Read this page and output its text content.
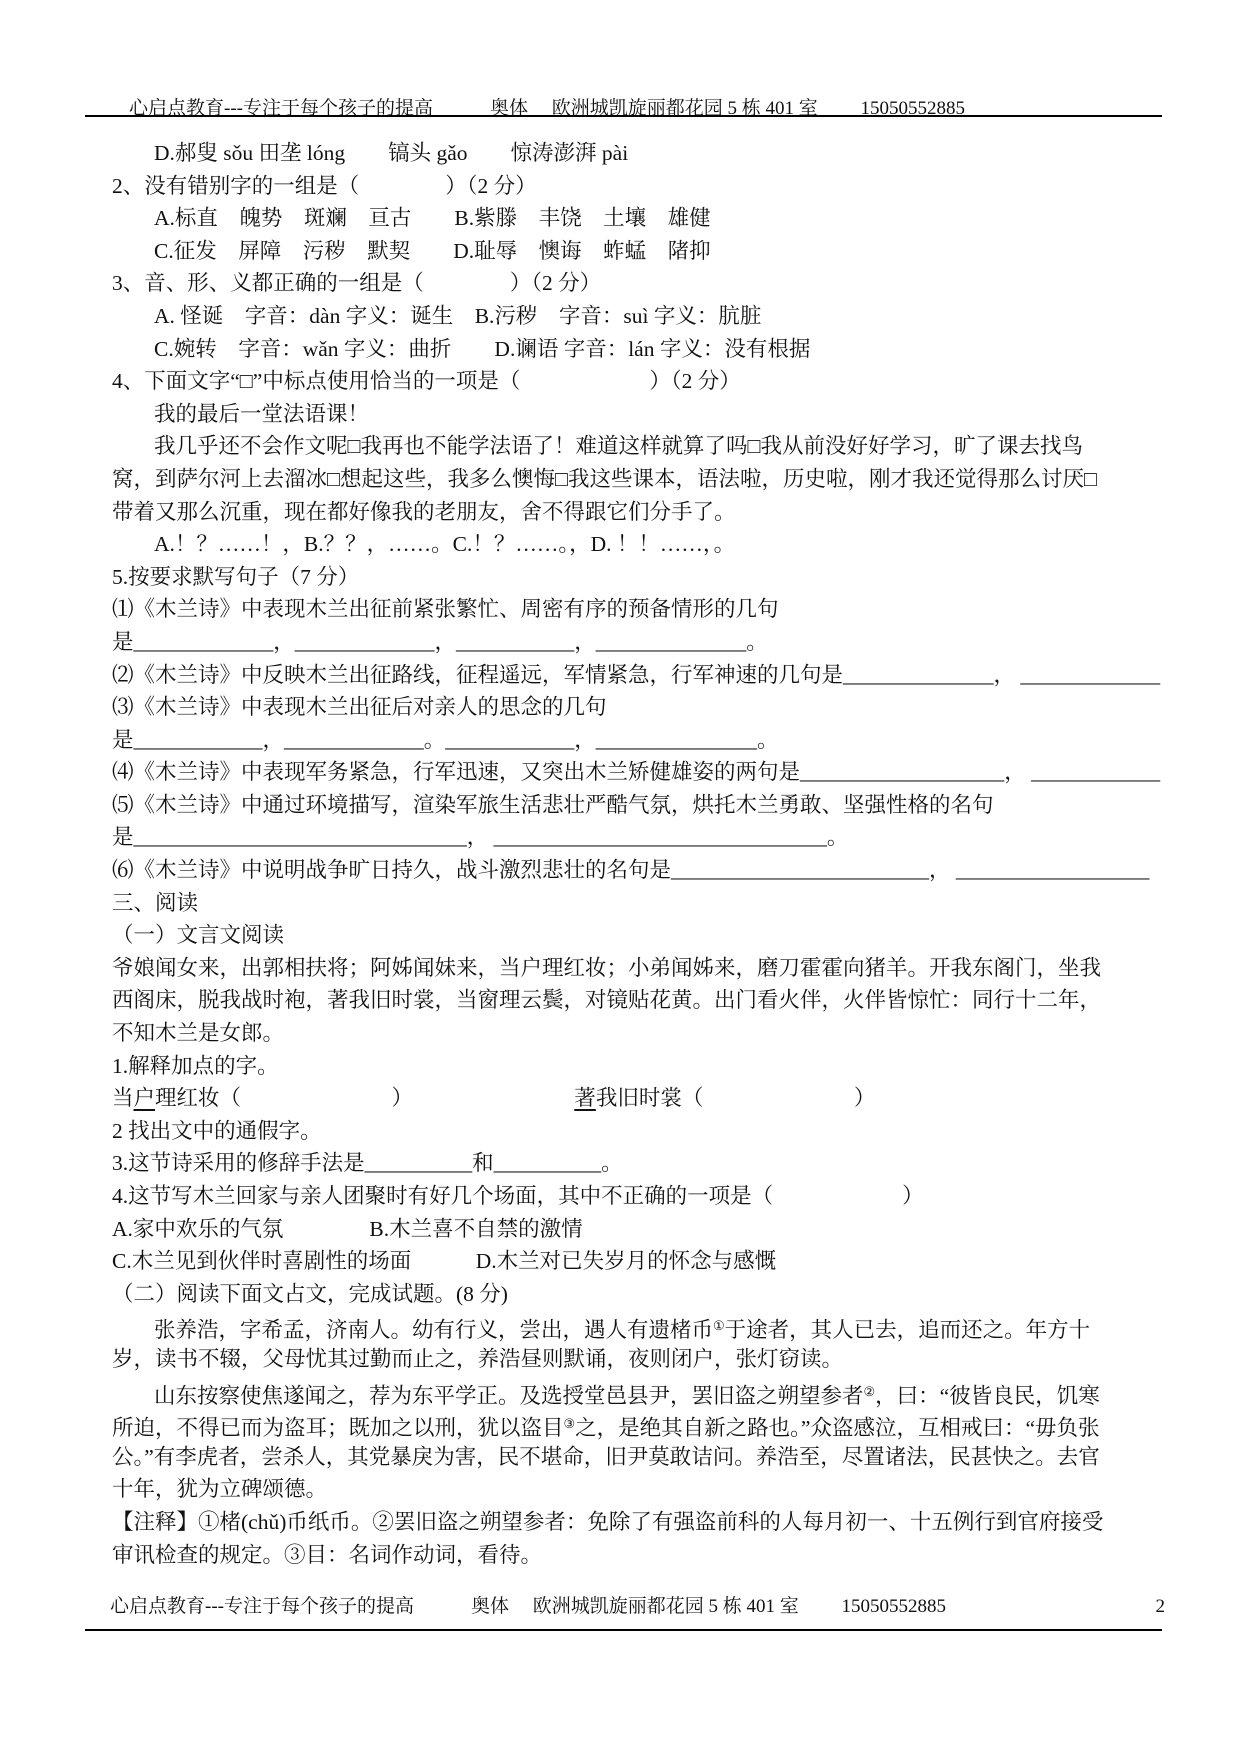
心启点教育---专注于每个孩子的提高　　　奥体　 欧洲城凯旋丽都花园 5 栋 401 室　　 15050552885

D.郝叟 sǒu 田垄 lóng　　镐头 gǎo　　惊涛澎湃 pài
2、没有错别字的一组是（　　　　）（2 分）
A.标直　魄势　斑斓　亘古　　B.紫滕　丰饶　土壤　雄健
C.征发　屏障　污秽　默契　　D.耻辱　懊诲　蚱蜢　陼抑
3、音、形、义都正确的一组是（　　　　）（2 分）
A. 怪诞　字音：dàn 字义：诞生　B.污秽　字音：suì 字义：肮脏
C.婉转　字音：wǎn 字义：曲折　　D.谰语 字音：lán 字义：没有根据
4、下面文字“□”中标点使用恰当的一项是（　　　　　　）（2 分）
我的最后一堂法语课！
我几乎还不会作文呢□我再也不能学法语了！难道这样就算了吗□我从前没好好学习，旷了课去找鸟
窝，到萨尔河上去溜冰□想起这些，我多么懊悔□我这些课本，语法啦，历史啦，刚才我还觉得那么讨厌□
带着又那么沉重，现在都好像我的老朋友，舍不得跟它们分手了。
A.！？……！，B.？？，……。C.！？……。，D. ！！……，。
5.按要求默写句子（7 分）
⑴《木兰诗》中表现木兰出征前紧张繁忙、周密有序的预备情形的几句
是_____________，_____________，___________，______________。
⑵《木兰诗》中反映木兰出征路线，征程遥远，军情紧急，行军神速的几句是______________， _____________
⑶《木兰诗》中表现木兰出征后对亲人的思念的几句
是____________，_____________。____________，_______________。
⑷《木兰诗》中表现军务紧急，行军迅速，又突出木兰矫健雄姿的两句是___________________， ____________
⑸《木兰诗》中通过环境描写，渲染军旅生活悲壮严酷气氛，烘托木兰勇敢、坚强性格的名句
是_______________________________， _______________________________。
⑹《木兰诗》中说明战争旷日持久，战斗激烈悲壮的名句是________________________， __________________
三、阅读
（一）文言文阅读
爷娘闻女来，出郭相扶将；阿姊闻妹来，当户理红妆；小弟闻姊来，磨刀霍霍向猪羊。开我东阁门，坐我
西阁床，脱我战时袍，著我旧时裳，当窗理云鬓，对镜贴花黄。出门看火伴，火伴皆惊忙：同行十二年，
不知木兰是女郎。
1.解释加点的字。
当户理红妆（　　　　　　　）　　　　　　　　著我旧时裳（　　　　　　　）
2 找出文中的通假字。
3.这节诗采用的修辞手法是__________和__________。
4.这节写木兰回家与亲人团聚时有好几个场面，其中不正确的一项是（　　　　　　）
A.家中欢乐的气氛　　　　B.木兰喜不自禁的激情
C.木兰见到伙伴时喜剧性的场面　　　D.木兰对已失岁月的怀念与感慨
（二）阅读下面文占文，完成试题。(8 分)
张养浩，字希孟，济南人。幼有行义，尝出，遇人有遗楮币①于途者，其人已去，追而还之。年方十
岁，读书不辍，父母忧其过勤而止之，养浩昼则默诵，夜则闭户，张灯窃读。
山东按察使焦遂闻之，荐为东平学正。及选授堂邑县尹，罢旧盗之朔望参者②，曰：“彼皆良民，饥寒
所迫，不得已而为盗耳；既加之以刑，犹以盗目③之，是绝其自新之路也。”众盗感泣，互相戒曰：“毋负张
公。”有李虎者，尝杀人，其党暴戾为害，民不堪命，旧尹莫敢诘问。养浩至，尽置诸法，民甚快之。去官
十年，犹为立碑颂德。
【注释】①楮(chǔ)币纸币。②罢旧盗之朔望参者：免除了有强盗前科的人每月初一、十五例行到官府接受
审讯检查的规定。③目：名词作动词，看待。
心启点教育---专注于每个孩子的提高　　　奥体　 欧洲城凯旋丽都花园 5 栋 401 室　　 15050552885	2
